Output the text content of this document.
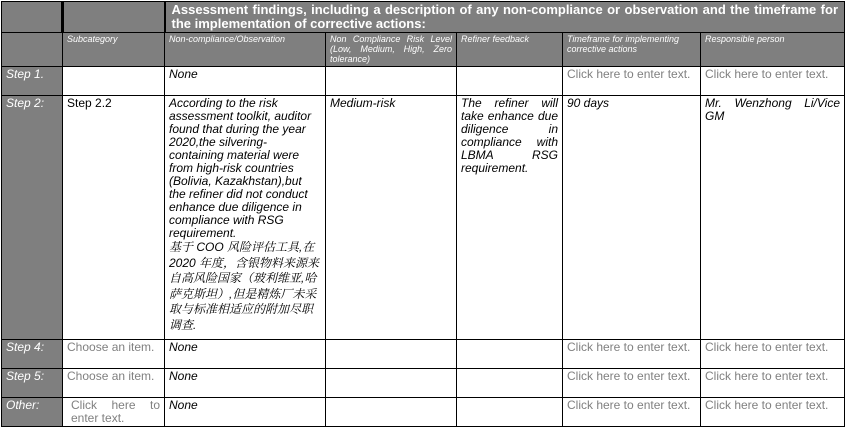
		Assessment findings, including a description of any non-compliance or observation and the timeframe for the implementation of corrective actions:				
	Subcategory	Non-compliance/Observation	Non Compliance Risk Level (Low, Medium, High, Zero tolerance)	Refiner feedback	Timeframe for implementing corrective actions	Responsible person
Step 1.		None			Click here to enter text.	Click here to enter text.
Step 2:	Step 2.2	According to the risk assessment toolkit, auditor found that during the year 2020,the silvering-containing material were from high-risk countries (Bolivia, Kazakhstan),but the refiner did not conduct enhance due diligence in compliance with RSG requirement.
基于 COO 风险评估工具,在 2020 年度，含银物料来源来自高风险国家（玻利维亚,哈萨克斯坦）,但是精炼厂未采取与标准相适应的附加尽职调查.	Medium-risk	The refiner will take enhance due diligence in compliance with LBMA RSG requirement.	90 days	Mr. Wenzhong Li/Vice GM
Step 4:	Choose an item.	None			Click here to enter text.	Click here to enter text.
Step 5:	Choose an item.	None			Click here to enter text.	Click here to enter text.
Other:	Click here to enter text.	None			Click here to enter text.	Click here to enter text.
